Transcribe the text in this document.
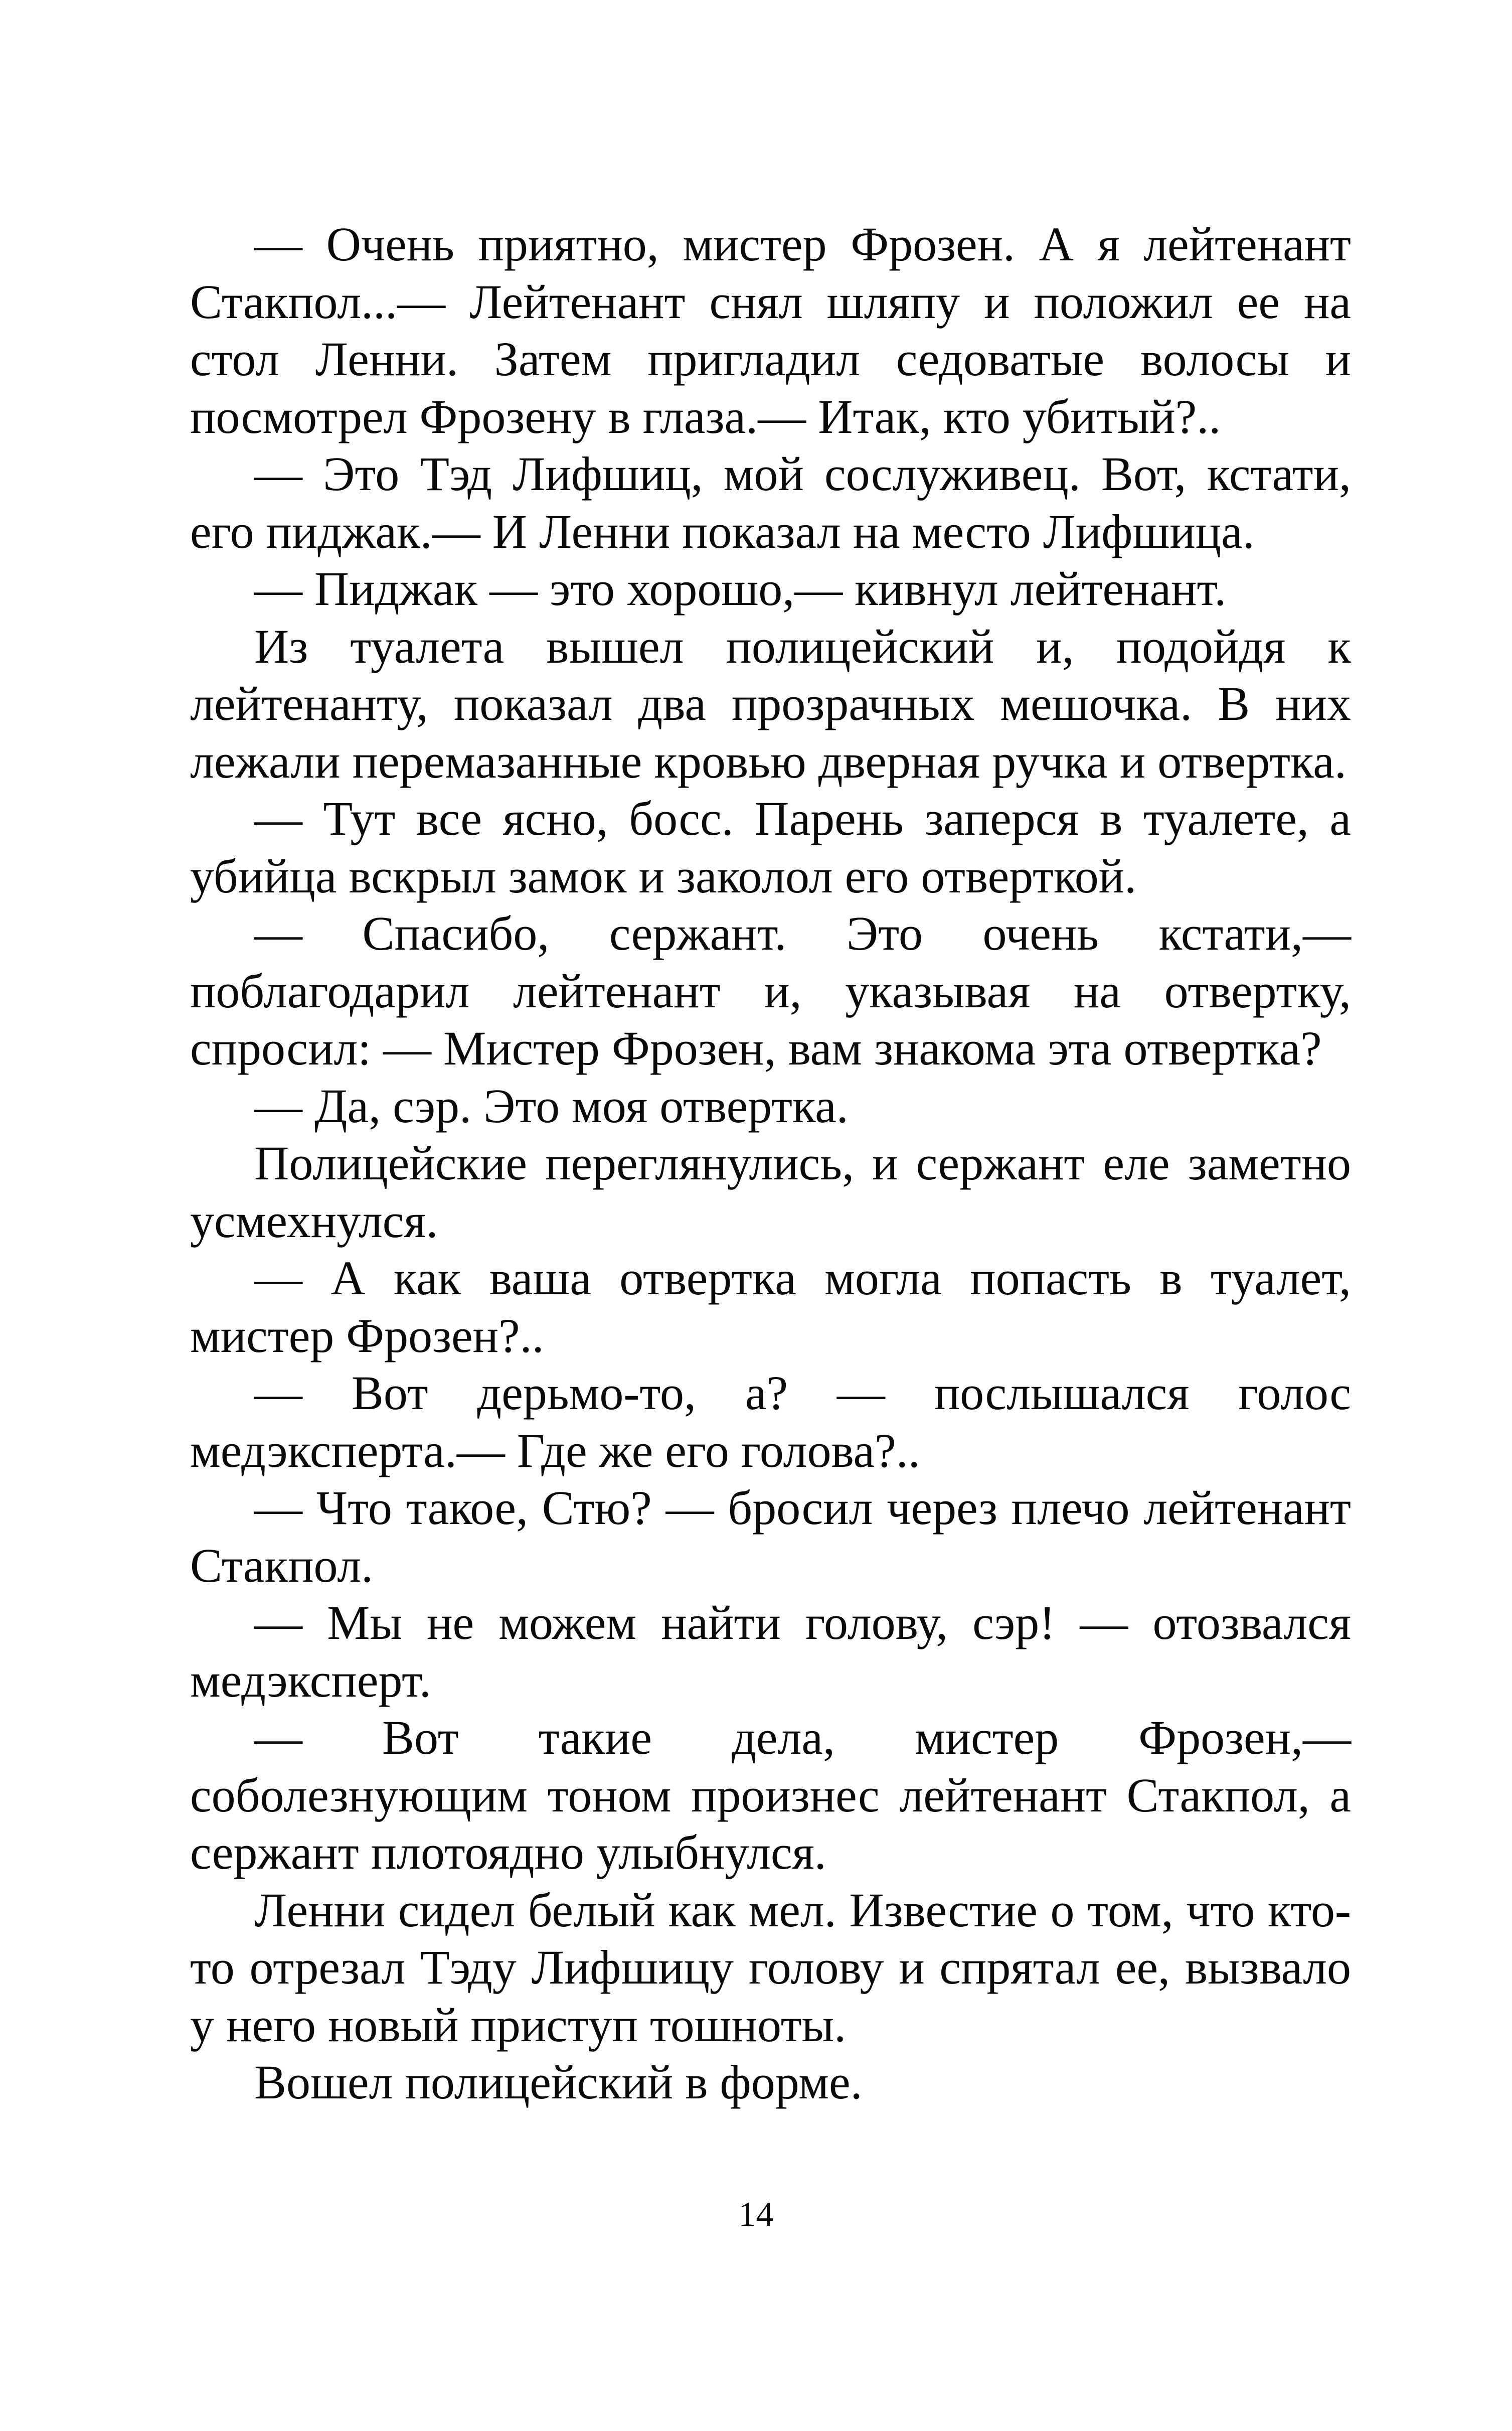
— Очень приятно, мистер Фрозен. А я лейтенант Стакпол...— Лейтенант снял шляпу и положил ее на стол Ленни. Затем пригладил седоватые волосы и посмотрел Фрозену в глаза.— Итак, кто убитый?..

— Это Тэд Лифшиц, мой сослуживец. Вот, кстати, его пиджак.— И Ленни показал на место Лифшица.

— Пиджак — это хорошо,— кивнул лейтенант.

Из туалета вышел полицейский и, подойдя к лейтенанту, показал два прозрачных мешочка. В них лежали перемазанные кровью дверная ручка и отвертка.

— Тут все ясно, босс. Парень заперся в туалете, а убийца вскрыл замок и заколол его отверткой.

— Спасибо, сержант. Это очень кстати,— поблагодарил лейтенант и, указывая на отвертку, спросил: — Мистер Фрозен, вам знакома эта отвертка?

— Да, сэр. Это моя отвертка.

Полицейские переглянулись, и сержант еле заметно усмехнулся.

— А как ваша отвертка могла попасть в туалет, мистер Фрозен?..

— Вот дерьмо-то, а? — послышался голос медэксперта.— Где же его голова?..

— Что такое, Стю? — бросил через плечо лейтенант Стакпол.

— Мы не можем найти голову, сэр! — отозвался медэксперт.

— Вот такие дела, мистер Фрозен,— соболезнующим тоном произнес лейтенант Стакпол, а сержант плотоядно улыбнулся.

Ленни сидел белый как мел. Известие о том, что кто-то отрезал Тэду Лифшицу голову и спрятал ее, вызвало у него новый приступ тошноты.

Вошел полицейский в форме.

14
